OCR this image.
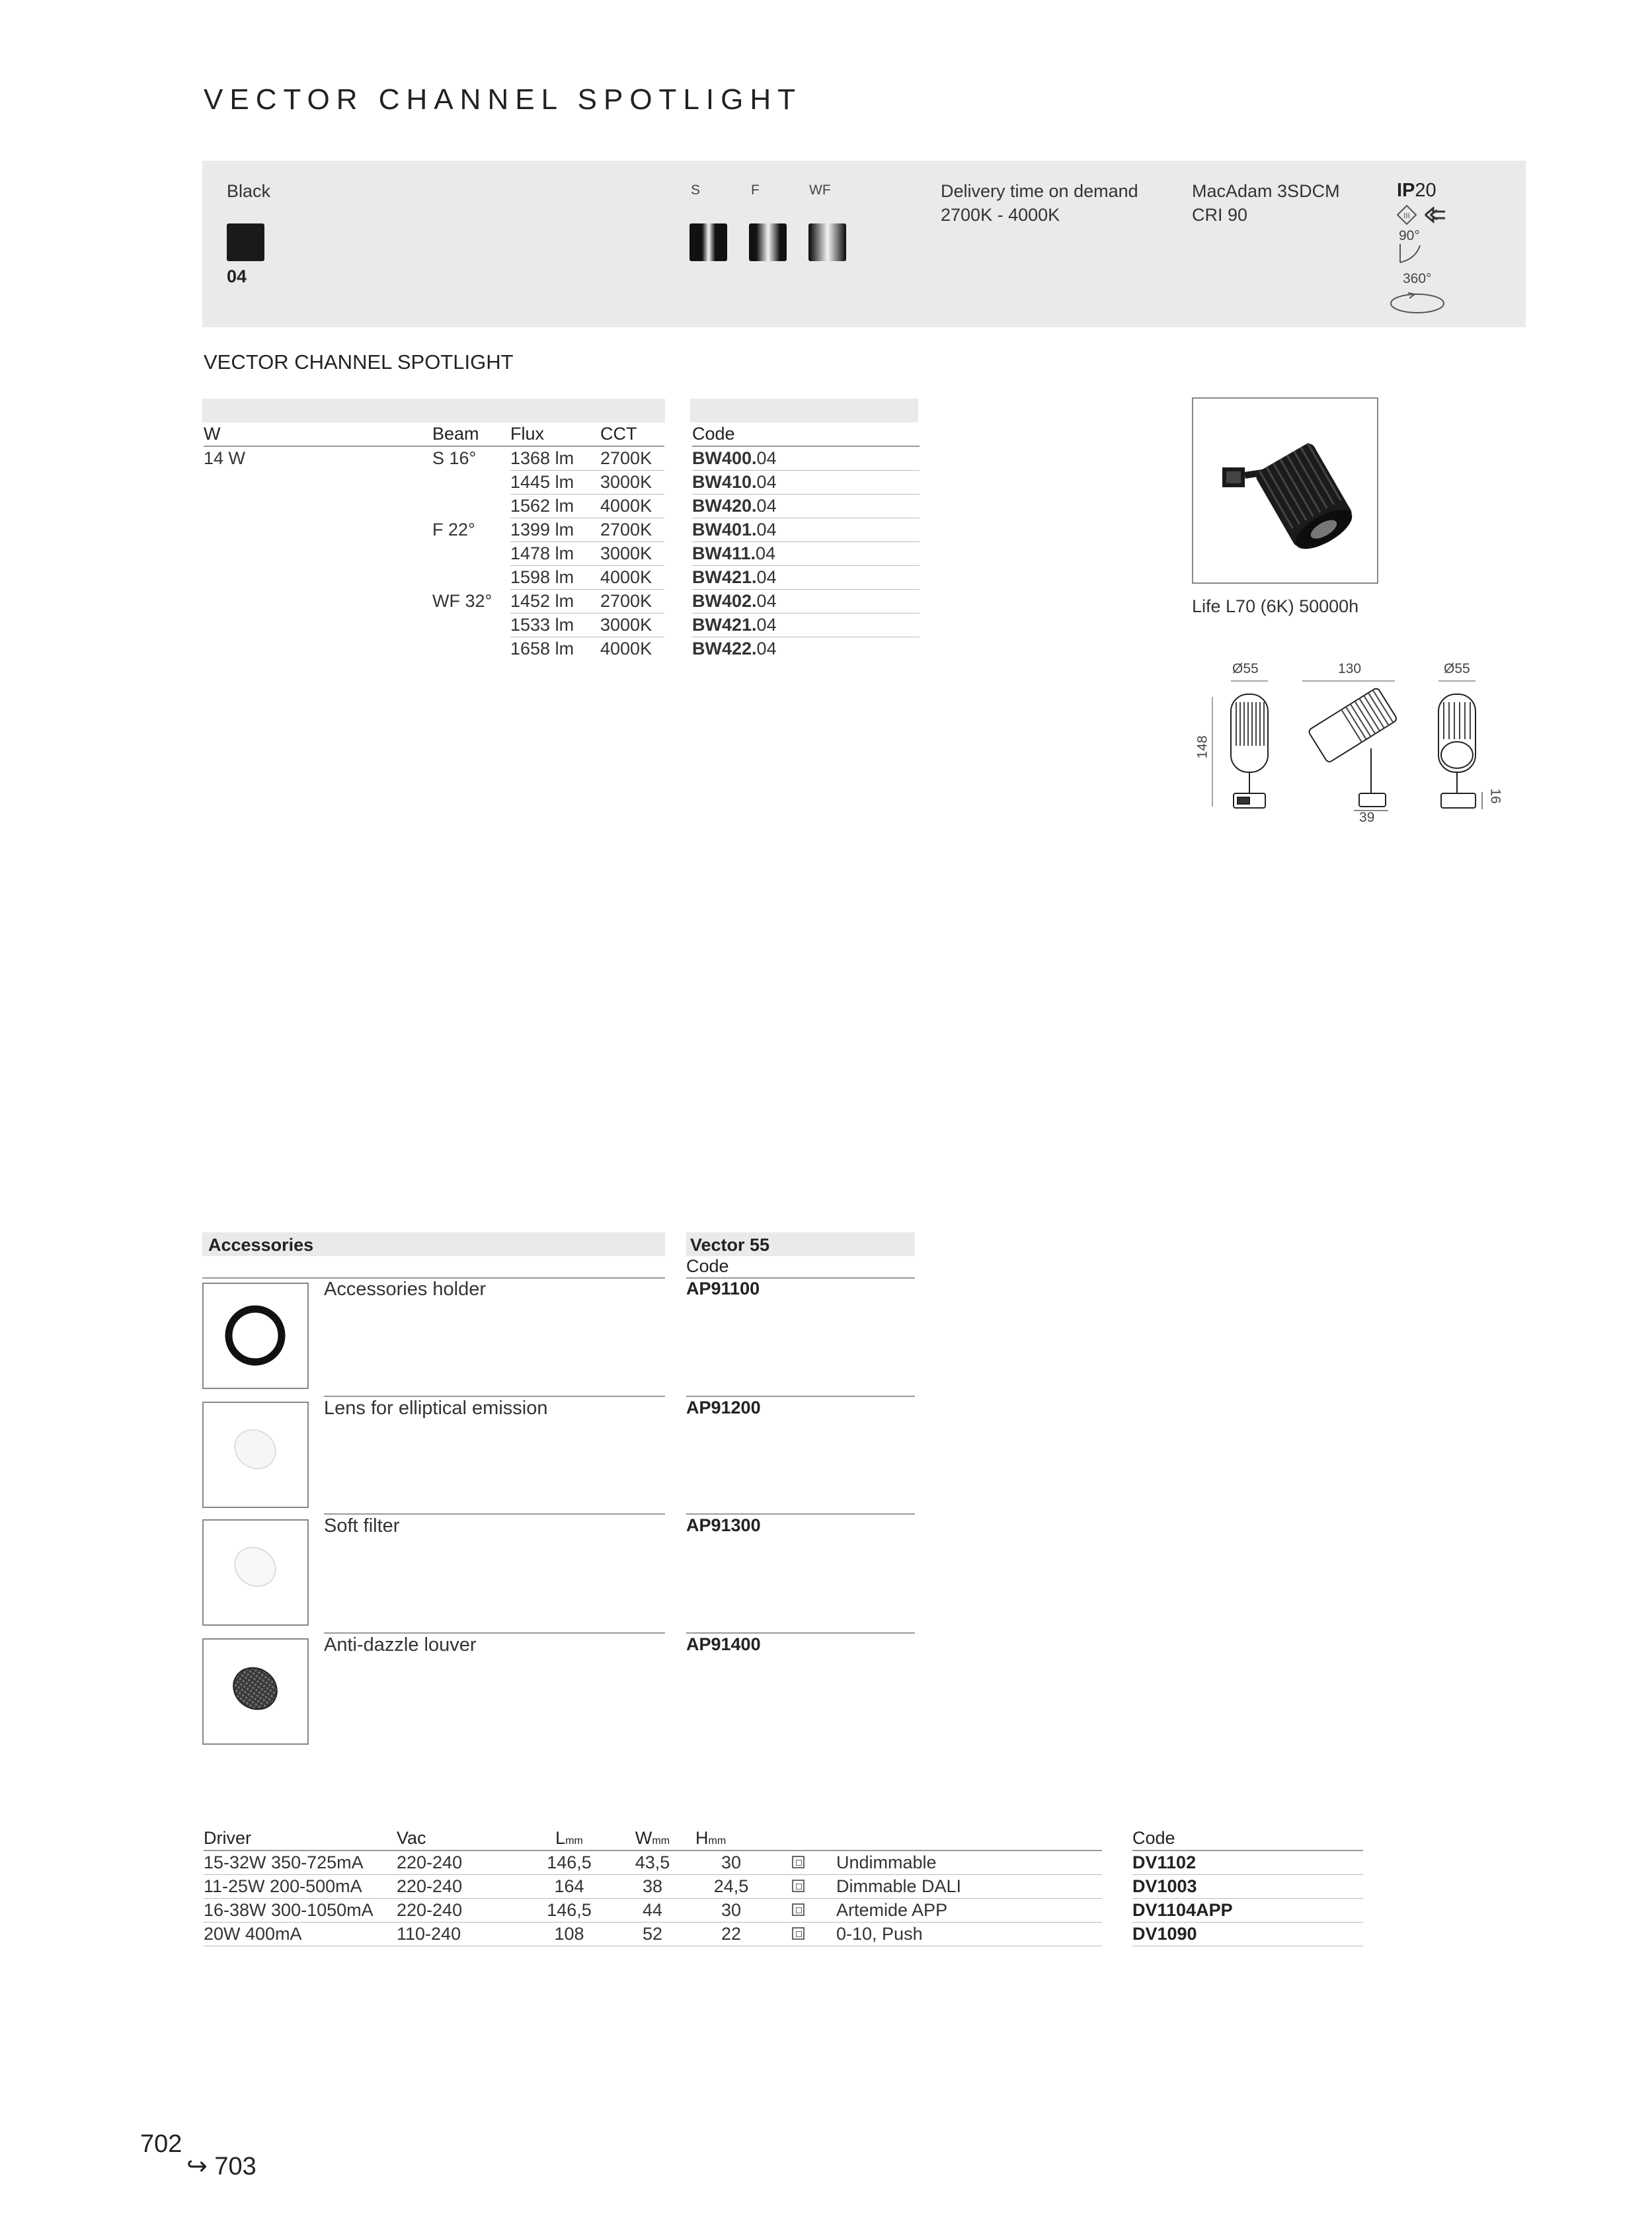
VECTOR CHANNEL SPOTLIGHT
Black
04
S	F	WF	Delivery time on demand
2700K - 4000K
MacAdam 3SDCM
CRI 90
IP20
III
90°
360°
VECTOR CHANNEL SPOTLIGHT
W	Beam	Flux	CCT		Code
14 W	S 16°	1368 lm	2700K		BW400.04
		1445 lm	3000K		BW410.04
		1562 lm	4000K		BW420.04
	F 22°	1399 lm	2700K		BW401.04
		1478 lm	3000K		BW411.04
		1598 lm	4000K		BW421.04
	WF 32°	1452 lm	2700K		BW402.04
		1533 lm	3000K		BW421.04
		1658 lm	4000K		BW422.04
Life L70 (6K) 50000h
Ø55	130	Ø55
148
39
16
Accessories	Vector 55
Code
Accessories holder	AP91100
Lens for elliptical emission	AP91200
Soft filter	AP91300
Anti-dazzle louver	AP91400
Driver	Vac	Lmm	Wmm	Hmm				Code
15-32W 350-725mA	220-240	146,5	43,5	30		Undimmable		DV1102
11-25W 200-500mA	220-240	164	38	24,5		Dimmable DALI		DV1003
16-38W 300-1050mA	220-240	146,5	44	30		Artemide APP		DV1104APP
20W 400mA	110-240	108	52	22		0-10, Push		DV1090
702
↪ 703
